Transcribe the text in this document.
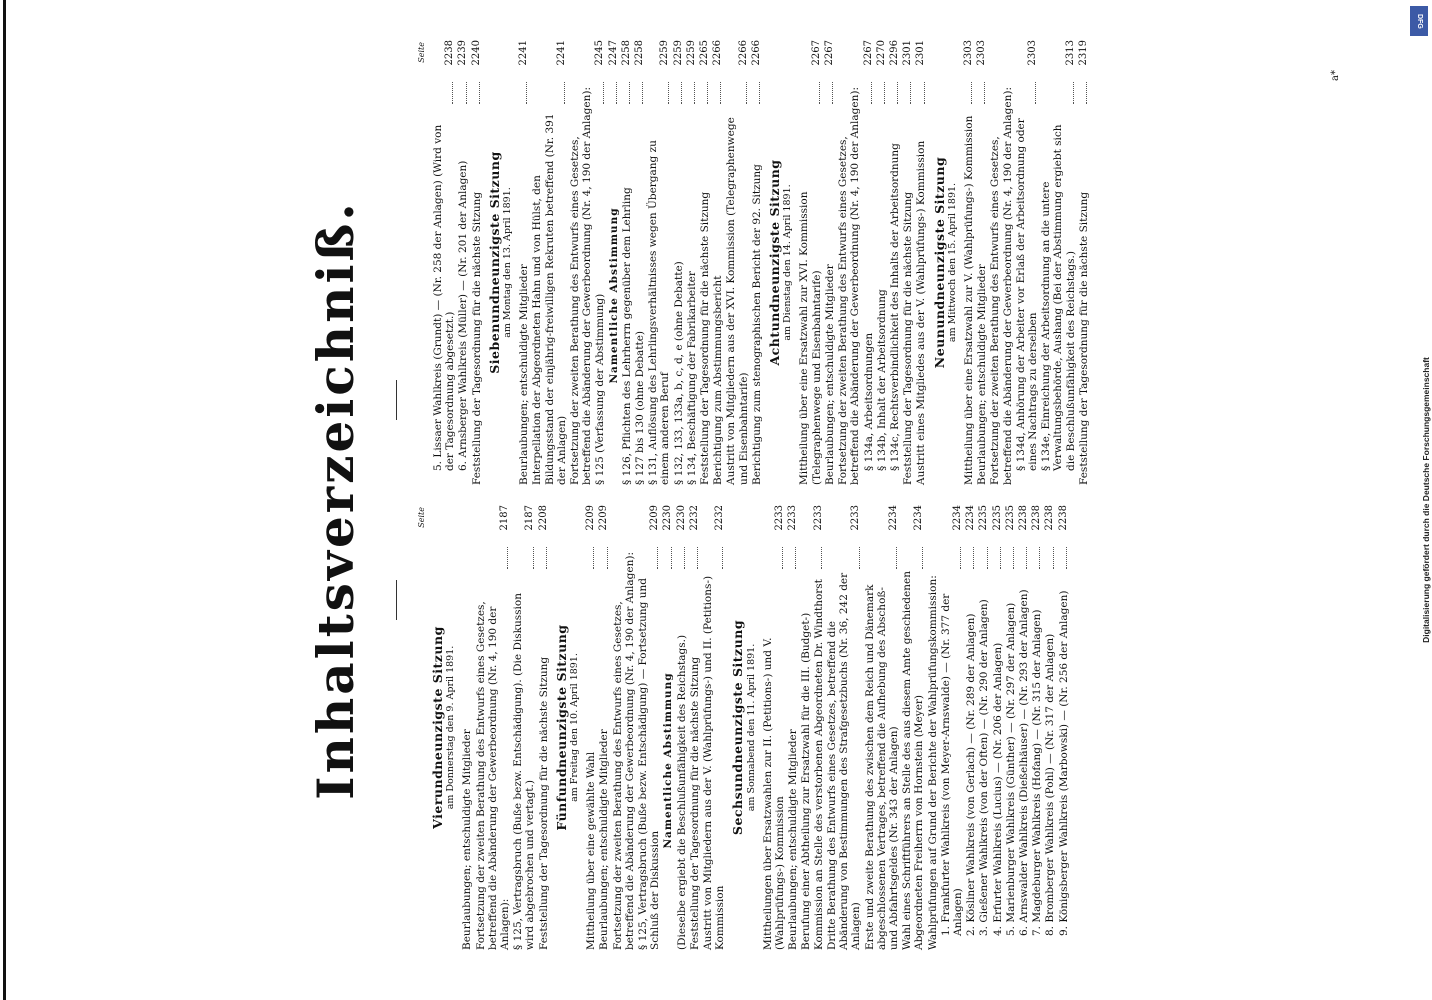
Inhaltsverzeichniß.	Seite
Vierundneunzigste Sitzung am Donnerstag den 9. April 1891.
Beurlaubungen; entschuldigte Mitglieder Fortsetzung der zweiten Berathung des Entwurfs eines Gesetzes, betreffend die Abänderung der Gewerbeordnung (Nr. 4, 190 der Anlagen):
2187
§ 125, Vertragsbruch (Buße bezw. Entschädigung). (Die Diskussion wird abgebrochen und vertagt.)
2187
Feststellung der Tagesordnung für die nächste Sitzung
2208
Fünfundneunzigste Sitzung am Freitag den 10. April 1891.
Mittheilung über eine gewählte Wahl
2209
Beurlaubungen; entschuldigte Mitglieder
2209
Fortsetzung der zweiten Berathung des Entwurfs eines Gesetzes, betreffend die Abänderung der Gewerbeordnung (Nr. 4, 190 der Anlagen): § 125, Vertragsbruch (Buße bezw. Entschädigung) — Fortsetzung und Schluß der Diskussion
2209
Namentliche Abstimmung
2230
(Dieselbe ergiebt die Beschlußunfähigkeit des Reichstags.)
2230
Feststellung der Tagesordnung für die nächste Sitzung
2232
Austritt von Mitgliedern aus der V. (Wahlprüfungs-) und II. (Petitions-) Kommission
2232
Sechsundneunzigste Sitzung am Sonnabend den 11. April 1891. Mittheilungen über Ersatzwahlen zur II. (Petitions-) und V. (Wahlprüfungs-) Kommission
2233
Beurlaubungen; entschuldigte Mitglieder
2233
Berufung einer Abtheilung zur Ersatzwahl für die III. (Budget-) Kommission an Stelle des verstorbenen Abgeordneten Dr. Windthorst
2233
Dritte Berathung des Entwurfs eines Gesetzes, betreffend die Abänderung von Bestimmungen des Strafgesetzbuchs (Nr. 36, 242 der Anlagen)
2233
Erste und zweite Berathung des zwischen dem Reich und Dänemark abgeschlossenen Vertrages, betreffend die Aufhebung des Abschoß- und Abfahrtsgeldes (Nr. 343 der Anlagen)
2234
Wahl eines Schriftführers an Stelle des aus diesem Amte geschiedenen Abgeordneten Freiherrn von Hornstein (Meyer)
2234
Wahlprüfungen auf Grund der Berichte der Wahlprüfungskommission: 1. Frankfurter Wahlkreis (von Meyer-Arnswalde) — (Nr. 377 der Anlagen)
2234
2. Kösliner Wahlkreis (von Gerlach) — (Nr. 289 der Anlagen)
2234
3. Gießener Wahlkreis (von der Often) — (Nr. 290 der Anlagen)
2235
4. Erfurter Wahlkreis (Lucius) — (Nr. 206 der Anlagen)
2235
5. Marienburger Wahlkreis (Günther) — (Nr. 297 der Anlagen)
2235
6. Arnswalder Wahlkreis (Dießelhäuser) — (Nr. 293 der Anlagen)
2238
7. Magdeburger Wahlkreis (Hofang) — (Nr. 315 der Anlagen)
2238
8. Bromberger Wahlkreis (Pohl) — (Nr. 317 der Anlagen)
2238
9. Königsberger Wahlkreis (Marbowski) — (Nr. 256 der Anlagen)
2238
Seite
5. Lissaer Wahlkreis (Grundt) — (Nr. 258 der Anlagen) (Wird von der Tagesordnung abgesetzt.)
2238
6. Arnsberger Wahlkreis (Müller) — (Nr. 201 der Anlagen)
2239
Feststellung der Tagesordnung für die nächste Sitzung
2240
Siebenundneunzigste Sitzung am Montag den 13. April 1891.
Beurlaubungen; entschuldigte Mitglieder
2241
Interpellation der Abgeordneten Hahn und von Hülst, den Bildungsstand der einjährig-freiwilligen Rekruten betreffend (Nr. 391 der Anlagen)
2241
Fortsetzung der zweiten Berathung des Entwurfs eines Gesetzes, betreffend die Abänderung der Gewerbeordnung (Nr. 4, 190 der Anlagen): § 125 (Verfassung der Abstimmung)
2245
Namentliche Abstimmung
2247
§ 126, Pflichten des Lehrherrn gegenüber dem Lehrling
2258
§ 127 bis 130 (ohne Debatte)
2258
§ 131, Auflösung des Lehrlingsverhältnisses wegen Übergang zu einem anderen Beruf
2259
§ 132, 133, 133a, b, c, d, e (ohne Debatte)
2259
§ 134, Beschäftigung der Fabrikarbeiter
2259
Feststellung der Tagesordnung für die nächste Sitzung
2265
Berichtigung zum Abstimmungsbericht
2266
Austritt von Mitgliedern aus der XVI. Kommission (Telegraphenwege und Eisenbahntarife)
2266
Berichtigung zum stenographischen Bericht der 92. Sitzung
2266
Achtundneunzigste Sitzung am Dienstag den 14. April 1891. Mittheilung über eine Ersatzwahl zur XVI. Kommission (Telegraphenwege und Eisenbahntarife)
2267
Beurlaubungen; entschuldigte Mitglieder
2267
Fortsetzung der zweiten Berathung des Entwurfs eines Gesetzes, betreffend die Abänderung der Gewerbeordnung (Nr. 4, 190 der Anlagen): § 134a, Arbeitsordnungen
2267
§ 134b, Inhalt der Arbeitsordnung
2270
§ 134c, Rechtsverbindlichkeit des Inhalts der Arbeitsordnung
2296
Feststellung der Tagesordnung für die nächste Sitzung
2301
Austritt eines Mitgliedes aus der V. (Wahlprüfungs-) Kommission
2301
Neunundneunzigste Sitzung am Mittwoch den 15. April 1891. Mittheilung über eine Ersatzwahl zur V. (Wahlprüfungs-) Kommission
2303
Beurlaubungen; entschuldigte Mitglieder
2303
Fortsetzung der zweiten Berathung des Entwurfs eines Gesetzes, betreffend die Abänderung der Gewerbeordnung (Nr. 4, 190 der Anlagen): § 134d, Anhörung der Arbeiter vor Erlaß der Arbeitsordnung oder eines Nachtrags zu derselben
2303
§ 134e, Einreichung der Arbeitsordnung an die untere Verwaltungsbehörde, Aushang (Bei der Abstimmung ergiebt sich die Beschlußunfähigkeit des Reichstags.)
2313
Feststellung der Tagesordnung für die nächste Sitzung
2319
a*
DFG
Digitalisierung gefördert durch die Deutsche Forschungsgemeinschaft
